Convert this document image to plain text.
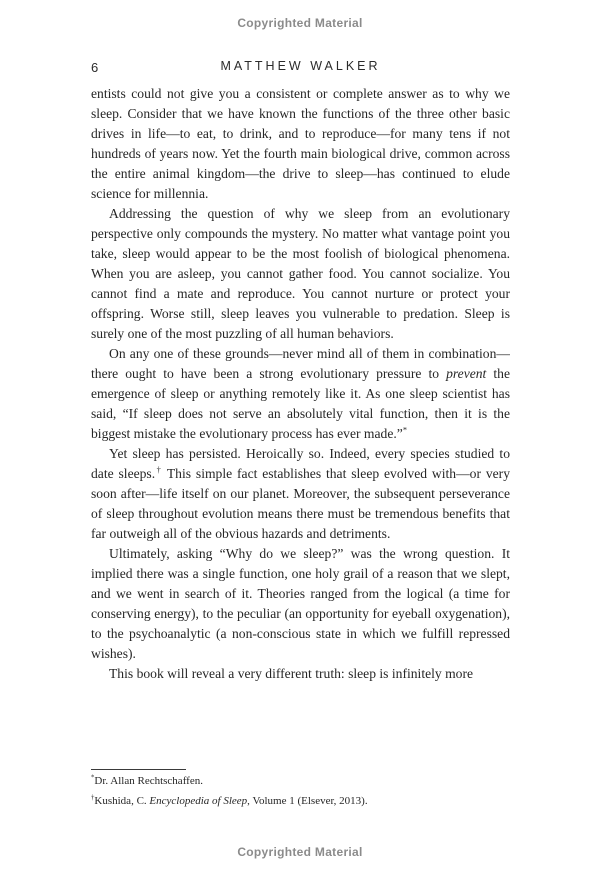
Copyrighted Material
6	MATTHEW WALKER

entists could not give you a consistent or complete answer as to why we sleep. Consider that we have known the functions of the three other basic drives in life—to eat, to drink, and to reproduce—for many tens if not hundreds of years now. Yet the fourth main biological drive, common across the entire animal kingdom—the drive to sleep—has continued to elude science for millennia.

Addressing the question of why we sleep from an evolutionary perspective only compounds the mystery. No matter what vantage point you take, sleep would appear to be the most foolish of biological phenomena. When you are asleep, you cannot gather food. You cannot socialize. You cannot find a mate and reproduce. You cannot nurture or protect your offspring. Worse still, sleep leaves you vulnerable to predation. Sleep is surely one of the most puzzling of all human behaviors.

On any one of these grounds—never mind all of them in combination—there ought to have been a strong evolutionary pressure to prevent the emergence of sleep or anything remotely like it. As one sleep scientist has said, “If sleep does not serve an absolutely vital function, then it is the biggest mistake the evolutionary process has ever made.”*

Yet sleep has persisted. Heroically so. Indeed, every species studied to date sleeps.† This simple fact establishes that sleep evolved with—or very soon after—life itself on our planet. Moreover, the subsequent perseverance of sleep throughout evolution means there must be tremendous benefits that far outweigh all of the obvious hazards and detriments.

Ultimately, asking “Why do we sleep?” was the wrong question. It implied there was a single function, one holy grail of a reason that we slept, and we went in search of it. Theories ranged from the logical (a time for conserving energy), to the peculiar (an opportunity for eyeball oxygenation), to the psychoanalytic (a non-conscious state in which we fulfill repressed wishes).

This book will reveal a very different truth: sleep is infinitely more

*Dr. Allan Rechtschaffen.

†Kushida, C. Encyclopedia of Sleep, Volume 1 (Elsever, 2013).

Copyrighted Material
